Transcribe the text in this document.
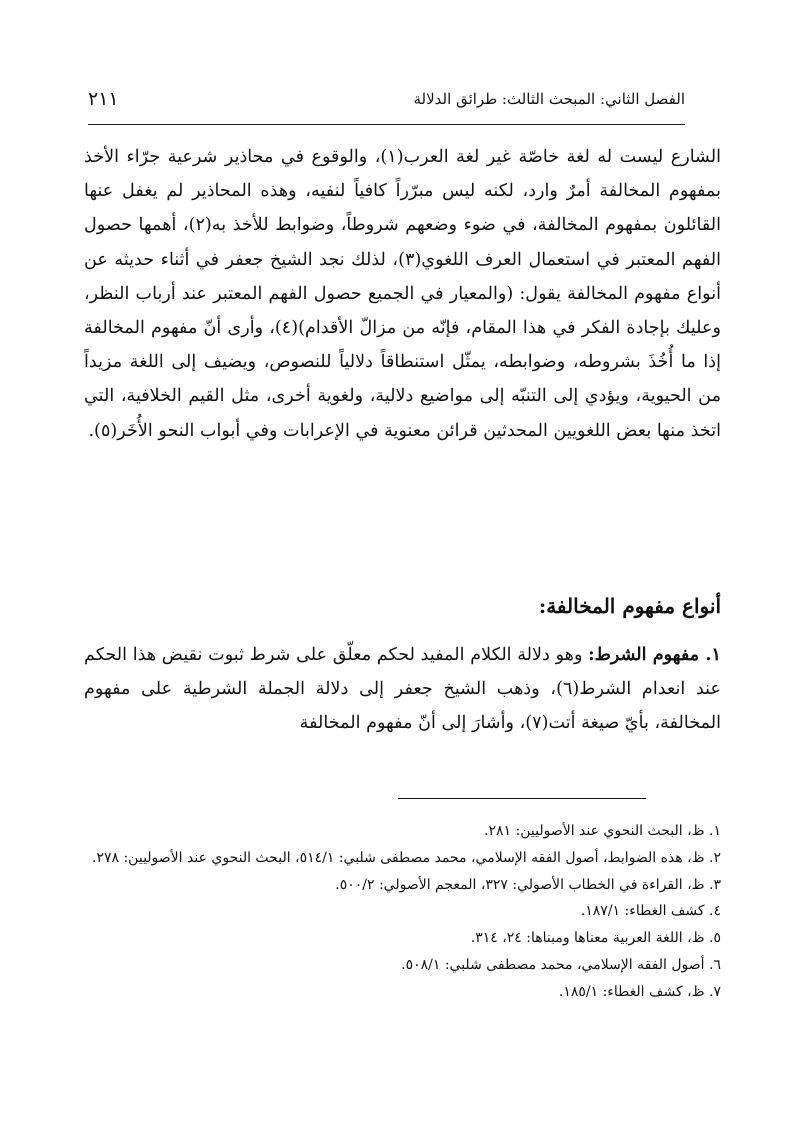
٢١١	الفصل الثاني: المبحث الثالث: طرائق الدلالة

الشارع ليست له لغة خاصّة غير لغة العرب(١)، والوقوع في محاذير شرعية جرّاء الأخذ بمفهوم المخالفة أمرٌ وارد، لكنه ليس مبرّراً كافياً لنفيه، وهذه المحاذير لم يغفل عنها القائلون بمفهوم المخالفة، في ضوء وضعهم شروطاً، وضوابط للأخذ به(٢)، أهمها حصول الفهم المعتبر في استعمال العرف اللغوي(٣)، لذلك نجد الشيخ جعفر في أثناء حديثه عن أنواع مفهوم المخالفة يقول: (والمعيار في الجميع حصول الفهم المعتبر عند أرباب النظر، وعليك بإجادة الفكر في هذا المقام، فإنّه من مزالّ الأقدام)(٤)، وأرى أنّ مفهوم المخالفة إذا ما أُخُذَ بشروطه، وضوابطه، يمثّل استنطاقاً دلالياً للنصوص، ويضيف إلى اللغة مزيداً من الحيوية، ويؤدي إلى التنبّه إلى مواضيع دلالية، ولغوية أخرى، مثل القيم الخلافية، التي اتخذ منها بعض اللغويين المحدثين قرائن معنوية في الإعرابات وفي أبواب النحو الأُخَر(٥).

أنواع مفهوم المخالفة:

١. مفهوم الشرط: وهو دلالة الكلام المفيد لحكم معلّق على شرط ثبوت نقيض هذا الحكم عند انعدام الشرط(٦)، وذهب الشيخ جعفر إلى دلالة الجملة الشرطية على مفهوم المخالفة، بأيّ صيغة أتت(٧)، وأشارَ إلى أنّ مفهوم المخالفة

١. ظ، البحث النحوي عند الأصوليين: ٢٨١.

٢. ظ، هذه الضوابط، أصول الفقه الإسلامي، محمد مصطفى شلبي: ٥١٤/١، البحث النحوي عند الأصوليين: ٢٧٨.

٣. ظ، القراءة في الخطاب الأصولي: ٣٢٧، المعجم الأصولي: ٥٠٠/٢.

٤. كشف الغطاء: ١٨٧/١.

٥. ظ، اللغة العربية معناها ومبناها: ٢٤، ٣١٤.

٦. أصول الفقه الإسلامي، محمد مصطفى شلبي: ٥٠٨/١.

٧. ظ، كشف الغطاء: ١٨٥/١.
